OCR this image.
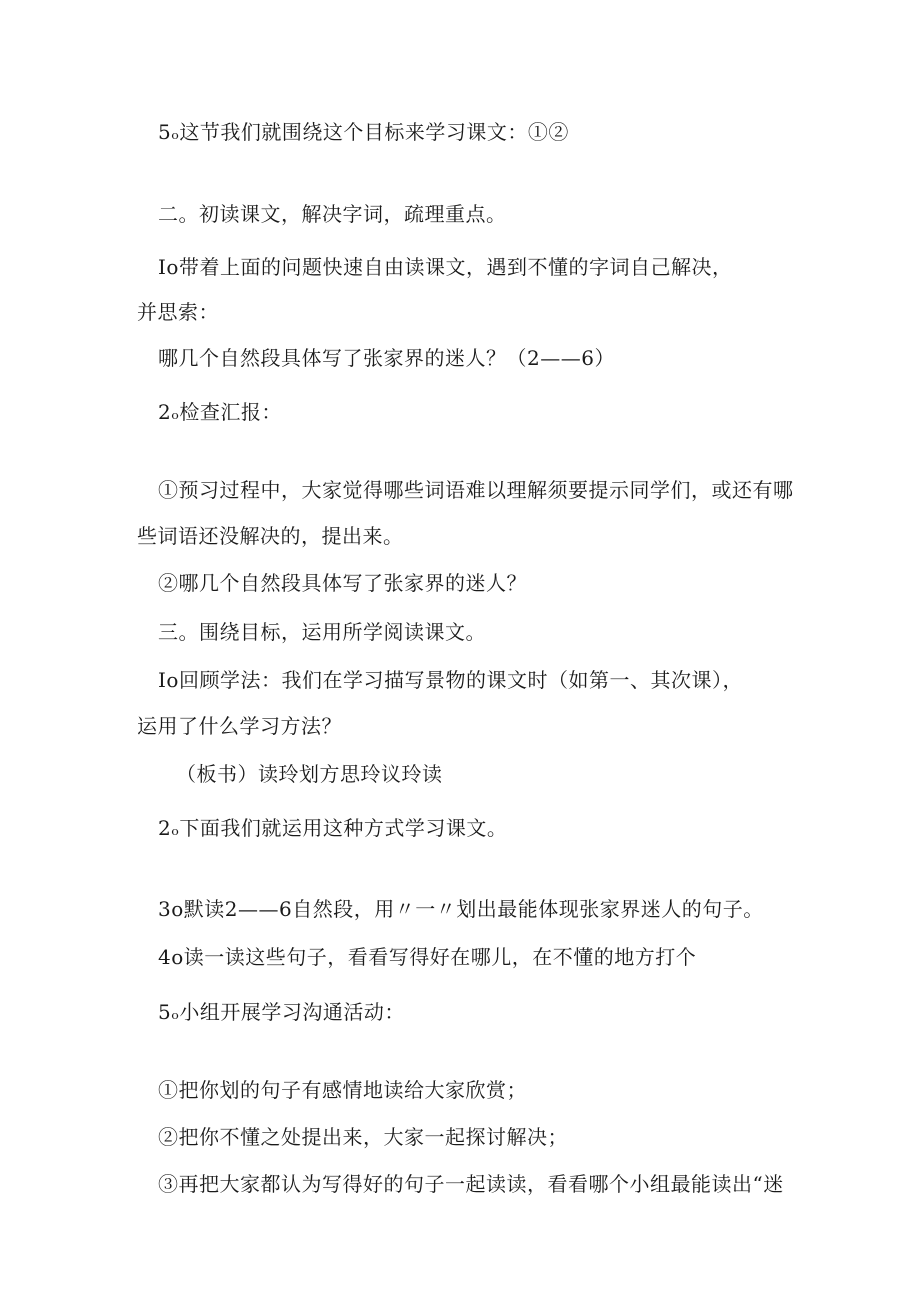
5ₒ这节我们就围绕这个目标来学习课文：①②
二。初读课文，解决字词，疏理重点。
Io带着上面的问题快速自由读课文，遇到不懂的字词自己解决，
并思索：
哪几个自然段具体写了张家界的迷人？（2——6）
2ₒ检查汇报：
①预习过程中，大家觉得哪些词语难以理解须要提示同学们，或还有哪
些词语还没解决的，提出来。
②哪几个自然段具体写了张家界的迷人？
三。围绕目标，运用所学阅读课文。
Io回顾学法：我们在学习描写景物的课文时（如第一、其次课），
运用了什么学习方法？
（板书）读玲划方思玲议玲读
2ₒ下面我们就运用这种方式学习课文。
3o默读2——6自然段，用〃一〃划出最能体现张家界迷人的句子。
4o读一读这些句子，看看写得好在哪儿，在不懂的地方打个
5ₒ小组开展学习沟通活动：
①把你划的句子有感情地读给大家欣赏；
②把你不懂之处提出来，大家一起探讨解决；
③再把大家都认为写得好的句子一起读读，看看哪个小组最能读出“迷
